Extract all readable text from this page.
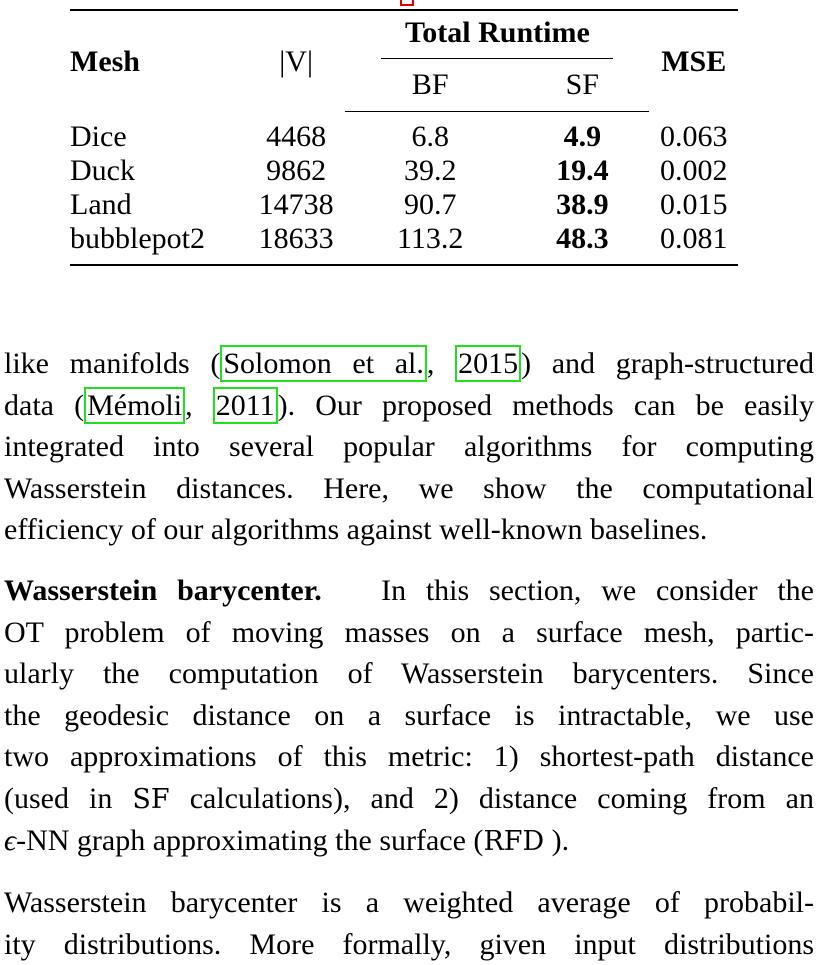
Mesh	|V|	Total Runtime		MSE
		BF	SF	
Dice	4468	6.8	4.9	0.063
Duck	9862	39.2	19.4	0.002
Land	14738	90.7	38.9	0.015
bubblepot2	18633	113.2	48.3	0.081

like manifolds ( Solomon et al. , 2015 ) and graph-structured
data ( Mémoli , 2011 ). Our proposed methods can be easily
integrated into several popular algorithms for computing
Wasserstein distances. Here, we show the computational
efficiency of our algorithms against well-known baselines.

Wasserstein barycenter.   In this section, we consider the
OT problem of moving masses on a surface mesh, partic-
ularly the computation of Wasserstein barycenters. Since
the geodesic distance on a surface is intractable, we use
two approximations of this metric: 1) shortest-path distance
(used in SF calculations), and 2) distance coming from an
ϵ-NN graph approximating the surface (RFD ).

Wasserstein barycenter is a weighted average of probabil-
ity distributions. More formally, given input distributions
